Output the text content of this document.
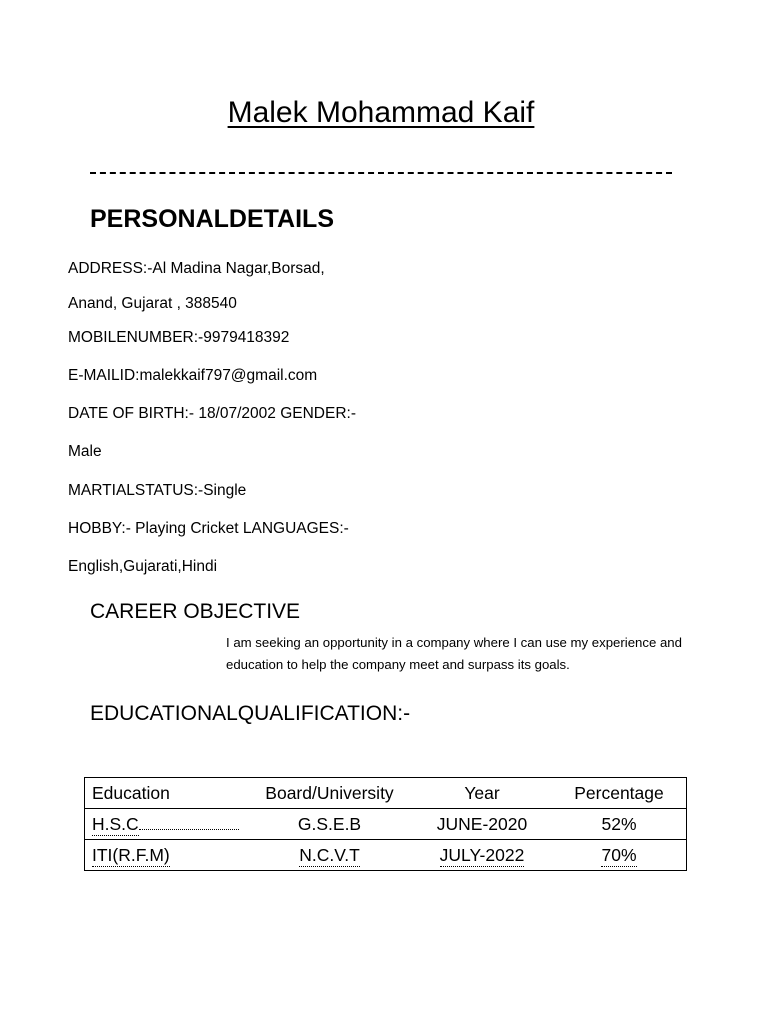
Malek Mohammad Kaif
PERSONALDETAILS
ADDRESS:-Al Madina Nagar,Borsad,
Anand, Gujarat , 388540
MOBILENUMBER:-9979418392
E-MAILID:malekkaif797@gmail.com
DATE OF BIRTH:- 18/07/2002 GENDER:-
Male
MARTIALSTATUS:-Single
HOBBY:- Playing Cricket LANGUAGES:-
English,Gujarati,Hindi
CAREER OBJECTIVE
I am seeking an opportunity in a company where I can use my experience and education to help the company meet and surpass its goals.
EDUCATIONALQUALIFICATION:-
Education	Board/University	Year	Percentage
H.S.C	G.S.E.B	JUNE-2020	52%
ITI(R.F.M)	N.C.V.T	JULY-2022	70%
